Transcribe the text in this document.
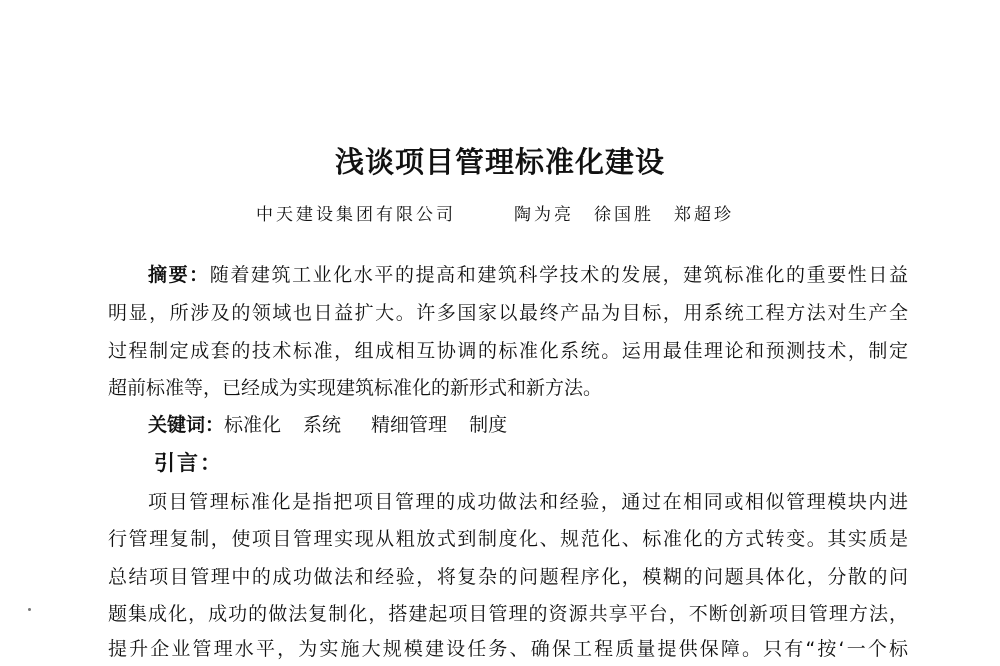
浅谈项目管理标准化建设
中天建设集团有限公司	陶为亮 徐国胜 郑超珍
摘要：随着建筑工业化水平的提高和建筑科学技术的发展，建筑标准化的重要性日益
明显，所涉及的领域也日益扩大。许多国家以最终产品为目标，用系统工程方法对生产全
过程制定成套的技术标准，组成相互协调的标准化系统。运用最佳理论和预测技术，制定
超前标准等，已经成为实现建筑标准化的新形式和新方法。
关键词：标准化 系统 精细管理 制度
引言：
项目管理标准化是指把项目管理的成功做法和经验，通过在相同或相似管理模块内进
行管理复制，使项目管理实现从粗放式到制度化、规范化、标准化的方式转变。其实质是
总结项目管理中的成功做法和经验，将复杂的问题程序化，模糊的问题具体化，分散的问
题集成化，成功的做法复制化，搭建起项目管理的资源共享平台，不断创新项目管理方法，
提升企业管理水平，为实施大规模建设任务、确保工程质量提供保障。只有“按‘一个标
